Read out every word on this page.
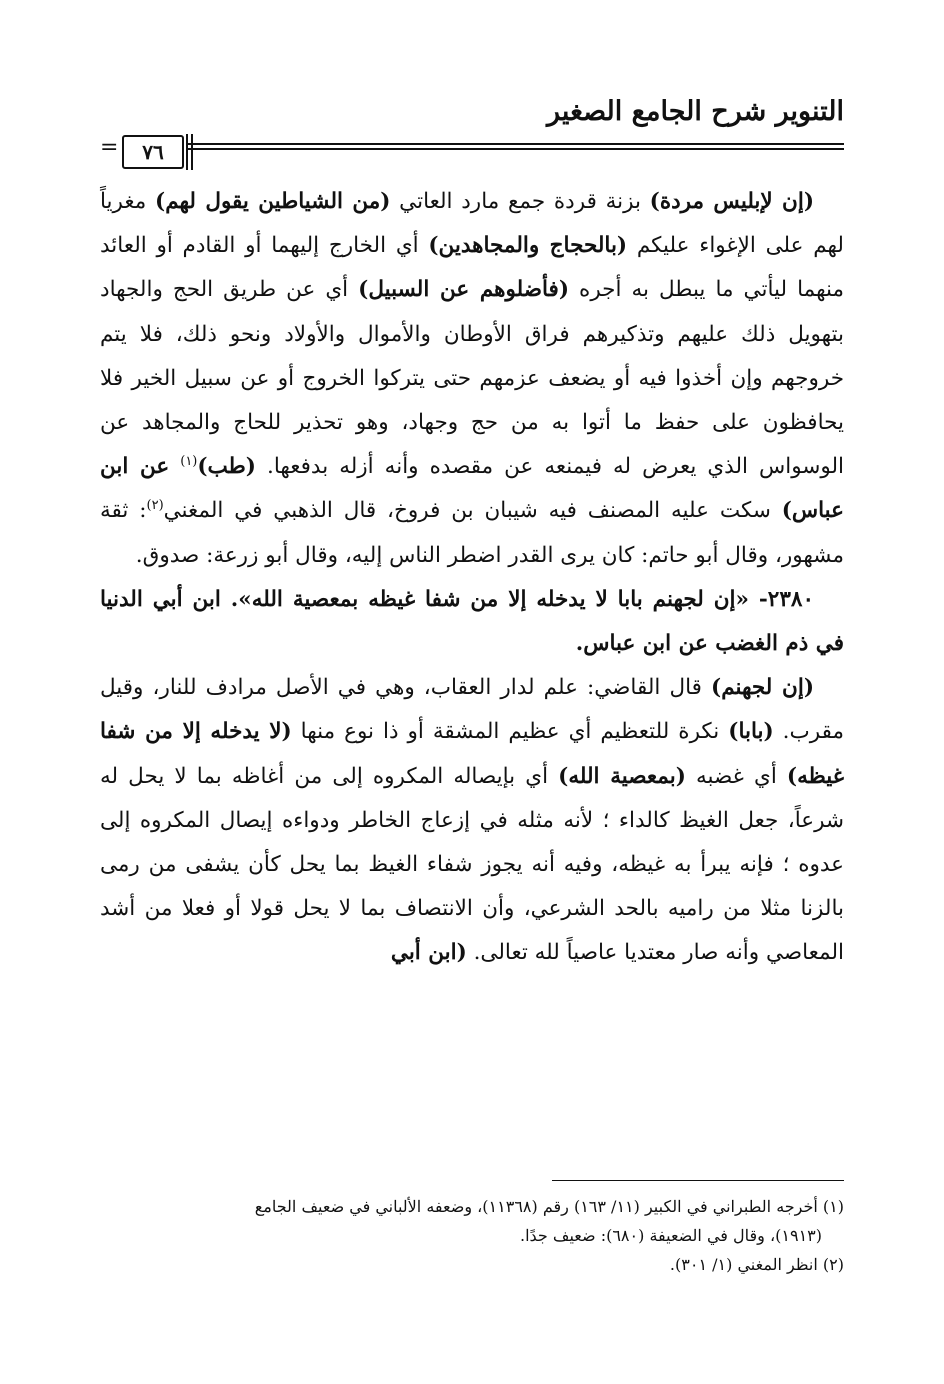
التنوير شرح الجامع الصغير
٧٦
=

(إن لإبليس مردة) بزنة قردة جمع مارد العاتي (من الشياطين يقول لهم) مغرياً لهم على الإغواء عليكم (بالحجاج والمجاهدين) أي الخارج إليهما أو القادم أو العائد منهما ليأتي ما يبطل به أجره (فأضلوهم عن السبيل) أي عن طريق الحج والجهاد بتهويل ذلك عليهم وتذكيرهم فراق الأوطان والأموال والأولاد ونحو ذلك، فلا يتم خروجهم وإن أخذوا فيه أو يضعف عزمهم حتى يتركوا الخروج أو عن سبيل الخير فلا يحافظون على حفظ ما أتوا به من حج وجهاد، وهو تحذير للحاج والمجاهد عن الوسواس الذي يعرض له فيمنعه عن مقصده وأنه أزله بدفعها. (طب)$^{(١)}$ عن ابن عباس) سكت عليه المصنف فيه شيبان بن فروخ، قال الذهبي في المغني$^{(٢)}$: ثقة مشهور، وقال أبو حاتم: كان يرى القدر اضطر الناس إليه، وقال أبو زرعة: صدوق.

٢٣٨٠- «إن لجهنم بابا لا يدخله إلا من شفا غيظه بمعصية الله». ابن أبي الدنيا في ذم الغضب عن ابن عباس.

(إن لجهنم) قال القاضي: علم لدار العقاب، وهي في الأصل مرادف للنار، وقيل مقرب. (بابا) نكرة للتعظيم أي عظيم المشقة أو ذا نوع منها (لا يدخله إلا من شفا غيظه) أي غضبه (بمعصية الله) أي بإيصاله المكروه إلى من أغاظه بما لا يحل له شرعاً، جعل الغيظ كالداء ؛ لأنه مثله في إزعاج الخاطر ودواءه إيصال المكروه إلى عدوه ؛ فإنه يبرأ به غيظه، وفيه أنه يجوز شفاء الغيظ بما يحل كأن يشفى من رمى بالزنا مثلا من راميه بالحد الشرعي، وأن الانتصاف بما لا يحل قولا أو فعلا من أشد المعاصي وأنه صار معتديا عاصياً لله تعالى. (ابن أبي

(١) أخرجه الطبراني في الكبير (١١/ ١٦٣) رقم (١١٣٦٨)، وضعفه الألباني في ضعيف الجامع

(١٩١٣)، وقال في الضعيفة (٦٨٠): ضعيف جدًا.

(٢) انظر المغني (١/ ٣٠١).
